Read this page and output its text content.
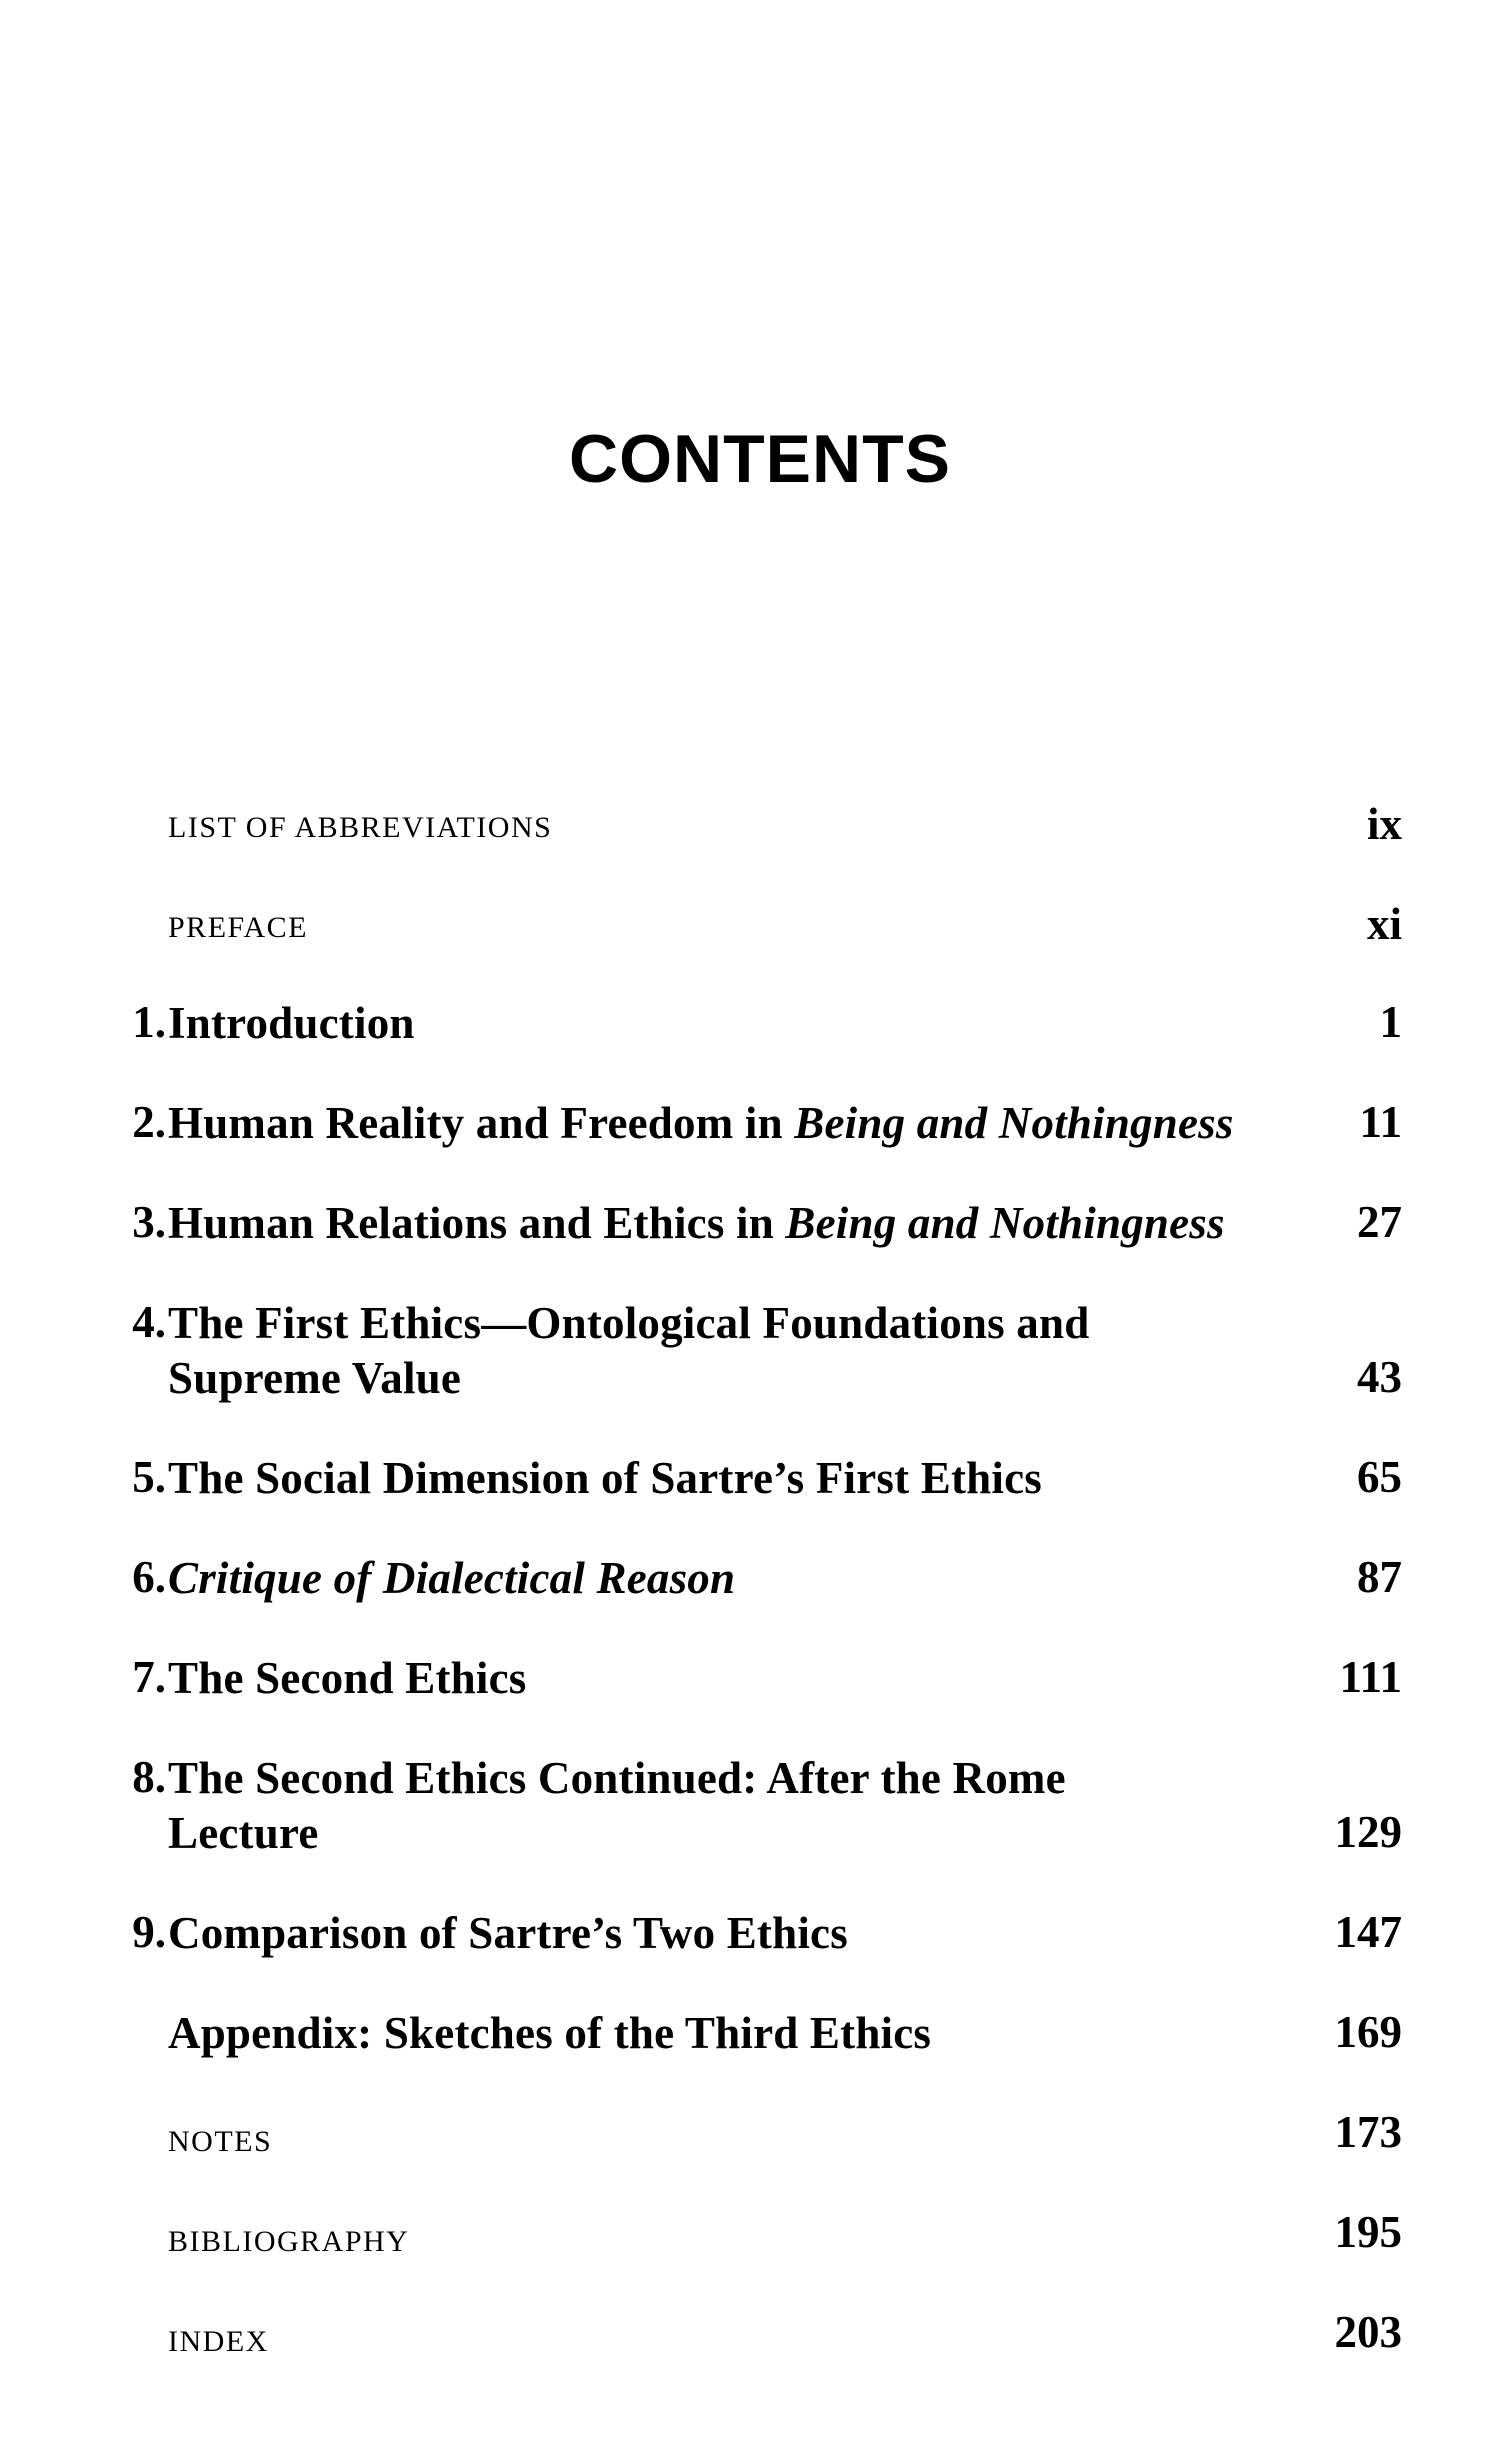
CONTENTS
LIST OF ABBREVIATIONS	ix
PREFACE	xi
1. Introduction	1
2. Human Reality and Freedom in Being and Nothingness	11
3. Human Relations and Ethics in Being and Nothingness	27
4. The First Ethics—Ontological Foundations and
Supreme Value	43
5. The Social Dimension of Sartre’s First Ethics	65
6. Critique of Dialectical Reason	87
7. The Second Ethics	111
8. The Second Ethics Continued: After the Rome
Lecture	129
9. Comparison of Sartre’s Two Ethics	147
Appendix: Sketches of the Third Ethics	169
NOTES	173
BIBLIOGRAPHY	195
INDEX	203
